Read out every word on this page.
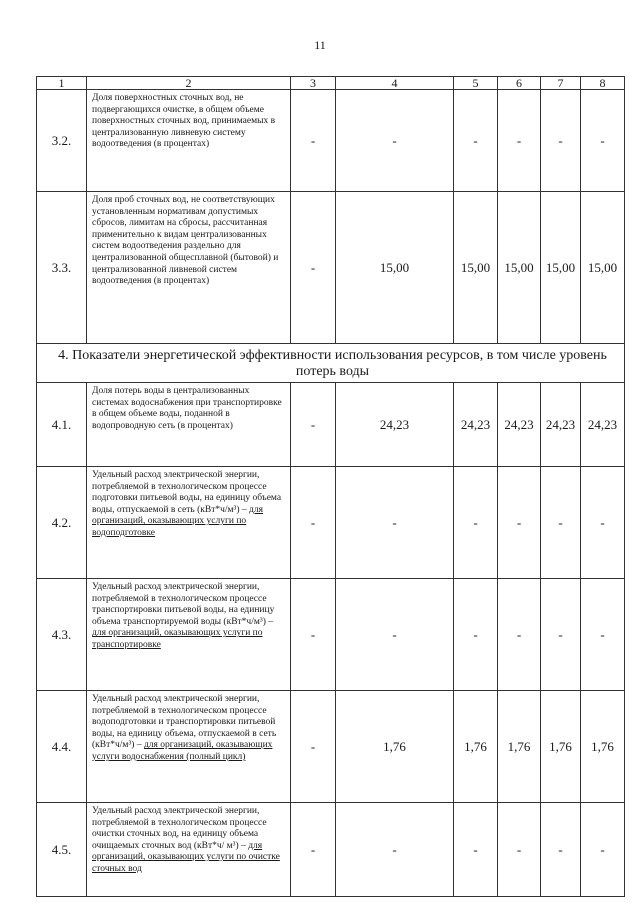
11
1	2	3	4	5	6	7	8
3.2.	Доля поверхностных сточных вод, не подвергающихся очистке, в общем объеме поверхностных сточных вод, принимаемых в централизованную ливневую систему водоотведения (в процентах)	-	-	-	-	-	-
3.3.	Доля проб сточных вод, не соответствующих установленным нормативам допустимых сбросов, лимитам на сбросы, рассчитанная применительно к видам централизованных систем водоотведения раздельно для централизованной общесплавной (бытовой) и централизованной ливневой систем водоотведения (в процентах)	-	15,00	15,00	15,00	15,00	15,00
4. Показатели энергетической эффективности использования ресурсов, в том числе уровень потерь воды							
4.1.	Доля потерь воды в централизованных системах водоснабжения при транспортировке в общем объеме воды, поданной в водопроводную сеть (в процентах)	-	24,23	24,23	24,23	24,23	24,23
4.2.	Удельный расход электрической энергии, потребляемой в технологическом процессе подготовки питьевой воды, на единицу объема воды, отпускаемой в сеть (кВт*ч/м³) – для организаций, оказывающих услуги по водоподготовке	-	-	-	-	-	-
4.3.	Удельный расход электрической энергии, потребляемой в технологическом процессе транспортировки питьевой воды, на единицу объема транспортируемой воды (кВт*ч/м³) – для организаций, оказывающих услуги по транспортировке	-	-	-	-	-	-
4.4.	Удельный расход электрической энергии, потребляемой в технологическом процессе водоподготовки и транспортировки питьевой воды, на единицу объема, отпускаемой в сеть (кВт*ч/м³) – для организаций, оказывающих услуги водоснабжения (полный цикл)	-	1,76	1,76	1,76	1,76	1,76
4.5.	Удельный расход электрической энергии, потребляемой в технологическом процессе очистки сточных вод, на единицу объема очищаемых сточных вод (кВт*ч/ м³) – для организаций, оказывающих услуги по очистке сточных вод	-	-	-	-	-	-
